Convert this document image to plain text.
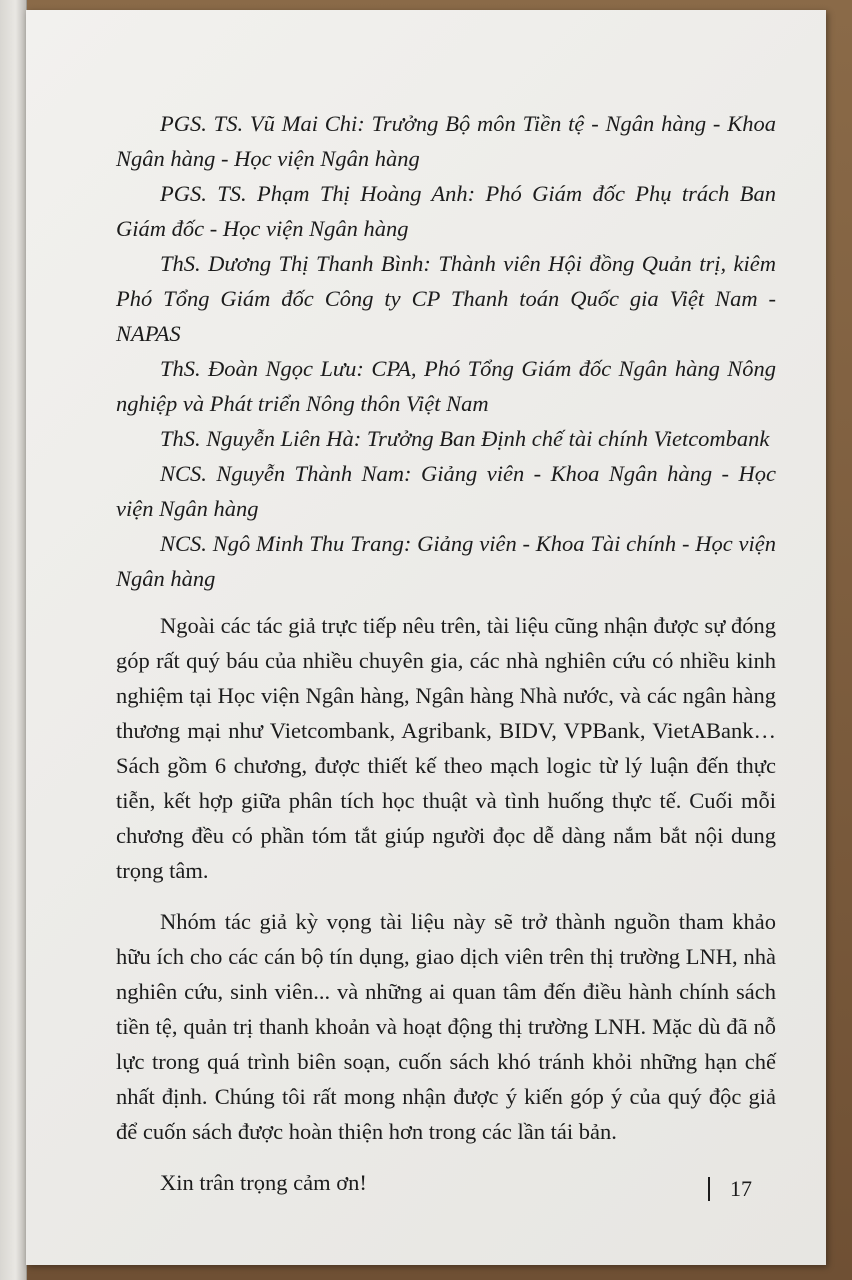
PGS. TS. Vũ Mai Chi: Trưởng Bộ môn Tiền tệ - Ngân hàng - Khoa Ngân hàng - Học viện Ngân hàng

PGS. TS. Phạm Thị Hoàng Anh: Phó Giám đốc Phụ trách Ban Giám đốc - Học viện Ngân hàng

ThS. Dương Thị Thanh Bình: Thành viên Hội đồng Quản trị, kiêm Phó Tổng Giám đốc Công ty CP Thanh toán Quốc gia Việt Nam - NAPAS

ThS. Đoàn Ngọc Lưu: CPA, Phó Tổng Giám đốc Ngân hàng Nông nghiệp và Phát triển Nông thôn Việt Nam

ThS. Nguyễn Liên Hà: Trưởng Ban Định chế tài chính Vietcombank

NCS. Nguyễn Thành Nam: Giảng viên - Khoa Ngân hàng - Học viện Ngân hàng

NCS. Ngô Minh Thu Trang: Giảng viên - Khoa Tài chính - Học viện Ngân hàng

Ngoài các tác giả trực tiếp nêu trên, tài liệu cũng nhận được sự đóng góp rất quý báu của nhiều chuyên gia, các nhà nghiên cứu có nhiều kinh nghiệm tại Học viện Ngân hàng, Ngân hàng Nhà nước, và các ngân hàng thương mại như Vietcombank, Agribank, BIDV, VPBank, VietABank… Sách gồm 6 chương, được thiết kế theo mạch logic từ lý luận đến thực tiễn, kết hợp giữa phân tích học thuật và tình huống thực tế. Cuối mỗi chương đều có phần tóm tắt giúp người đọc dễ dàng nắm bắt nội dung trọng tâm.

Nhóm tác giả kỳ vọng tài liệu này sẽ trở thành nguồn tham khảo hữu ích cho các cán bộ tín dụng, giao dịch viên trên thị trường LNH, nhà nghiên cứu, sinh viên... và những ai quan tâm đến điều hành chính sách tiền tệ, quản trị thanh khoản và hoạt động thị trường LNH. Mặc dù đã nỗ lực trong quá trình biên soạn, cuốn sách khó tránh khỏi những hạn chế nhất định. Chúng tôi rất mong nhận được ý kiến góp ý của quý độc giả để cuốn sách được hoàn thiện hơn trong các lần tái bản.

Xin trân trọng cảm ơn!	17
